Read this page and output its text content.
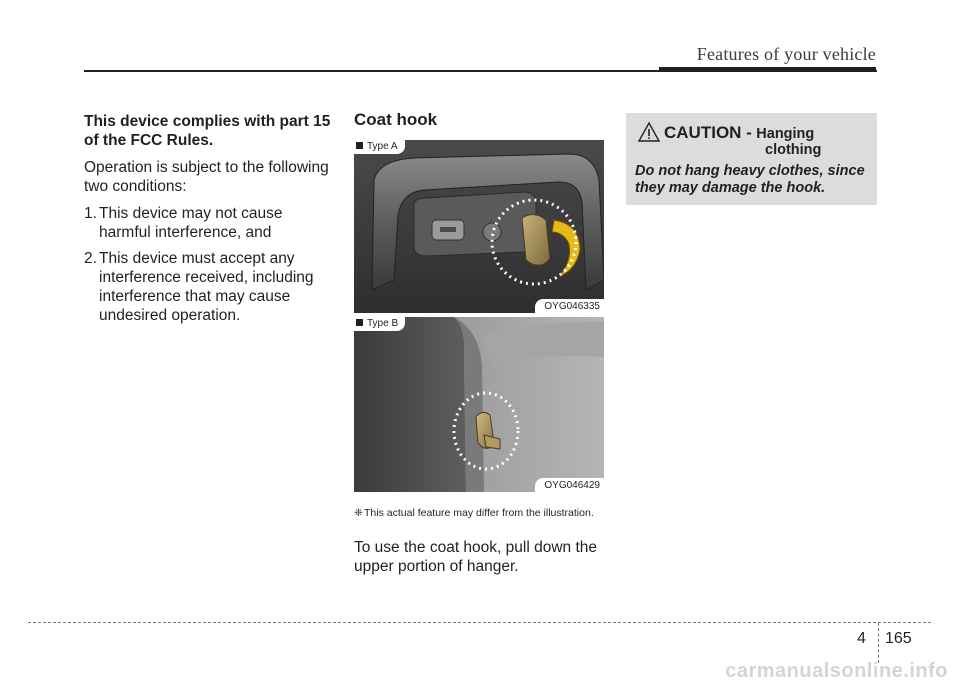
Features of your vehicle

This device complies with part 15 of the FCC Rules.

Operation is subject to the following two conditions:

1. This device may not cause harmful interference, and
2. This device must accept any interference received, including interference that may cause undesired operation.
Coat hook
Type A
OYG046335
Type B
OYG046429
❈ This actual feature may differ from the illustration.
To use the coat hook, pull down the upper portion of hanger.
CAUTION - Hanging
clothing
Do not hang heavy clothes, since they may damage the hook.
4 165
carmanualsonline.info
